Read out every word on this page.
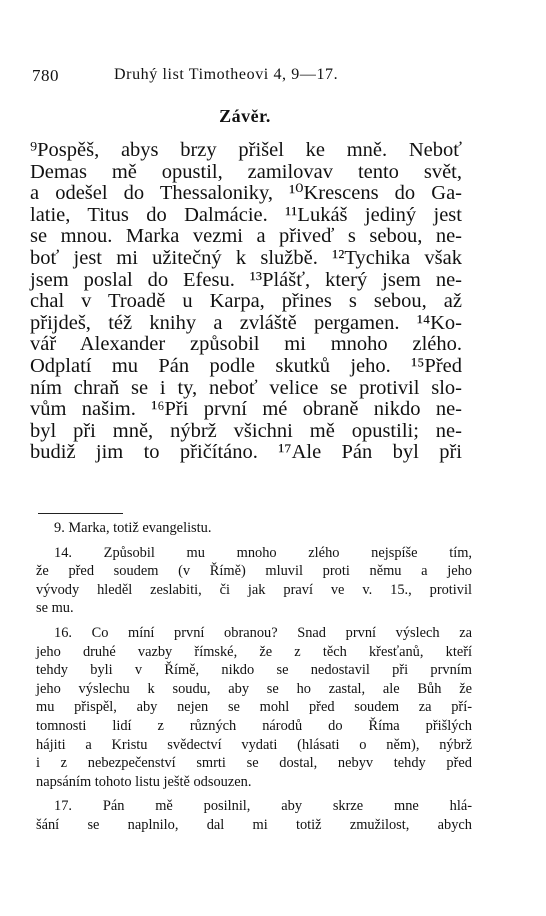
780	Druhý list Timotheovi 4, 9—17.
Závěr.
⁹Pospěš, abys brzy přišel ke mně. Neboť
Demas mě opustil, zamilovav tento svět,
a odešel do Thessaloniky, ¹⁰Krescens do Ga-
latie, Titus do Dalmácie. ¹¹Lukáš jediný jest
se mnou. Marka vezmi a přiveď s sebou, ne-
boť jest mi užitečný k službě. ¹²Tychika však
jsem poslal do Efesu. ¹³Plášť, který jsem ne-
chal v Troadě u Karpa, přines s sebou, až
přijdeš, též knihy a zvláště pergamen. ¹⁴Ko-
vář Alexander způsobil mi mnoho zlého.
Odplatí mu Pán podle skutků jeho. ¹⁵Před
ním chraň se i ty, neboť velice se protivil slo-
vům našim. ¹⁶Při první mé obraně nikdo ne-
byl při mně, nýbrž všichni mě opustili; ne-
budiž jim to přičítáno. ¹⁷Ale Pán byl při
9. Marka, totiž evangelistu.
14. Způsobil mu mnoho zlého nejspíše tím,
že před soudem (v Římě) mluvil proti němu a jeho
vývody hleděl zeslabiti, či jak praví ve v. 15., protivil
se mu.
16. Co míní první obranou? Snad první výslech za
jeho druhé vazby římské, že z těch křesťanů, kteří
tehdy byli v Římě, nikdo se nedostavil při prvním
jeho výslechu k soudu, aby se ho zastal, ale Bůh že
mu přispěl, aby nejen se mohl před soudem za pří-
tomnosti lidí z různých národů do Říma přišlých
hájiti a Kristu svědectví vydati (hlásati o něm), nýbrž
i z nebezpečenství smrti se dostal, nebyv tehdy před
napsáním tohoto listu ještě odsouzen.
17. Pán mě posilnil, aby skrze mne hlá-
šání se naplnilo, dal mi totiž zmužilost, abych
